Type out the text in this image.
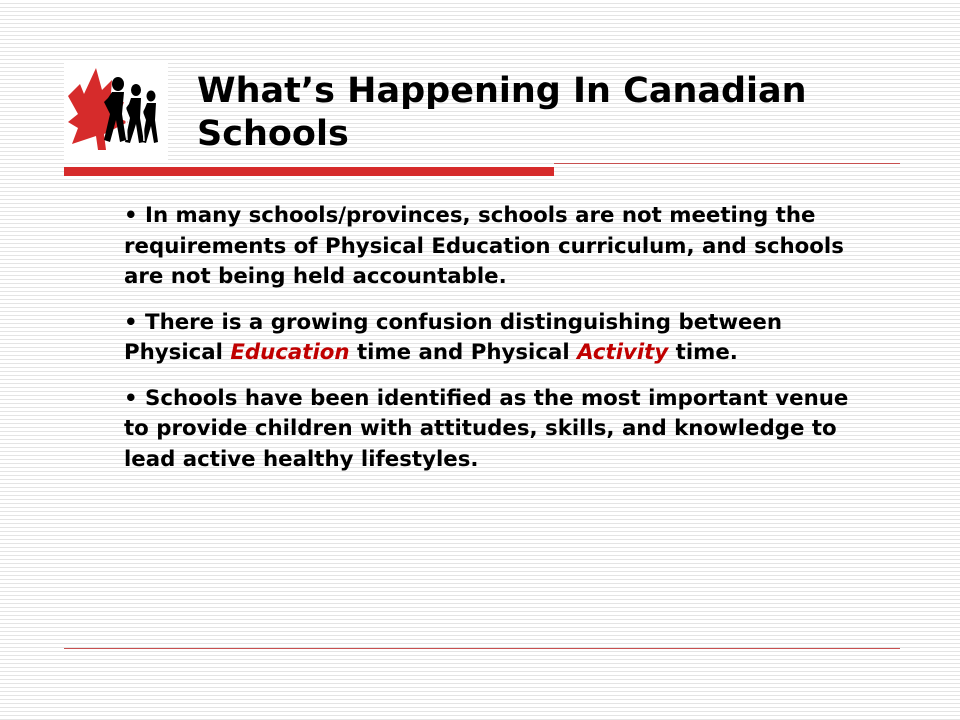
What’s Happening In Canadian
Schools
• In many schools/provinces, schools are not meeting the requirements of Physical Education curriculum, and schools are not being held accountable.
• There is a growing confusion distinguishing between Physical Education time and Physical Activity time.
• Schools have been identified as the most important venue to provide children with attitudes, skills, and knowledge to lead active healthy lifestyles.
